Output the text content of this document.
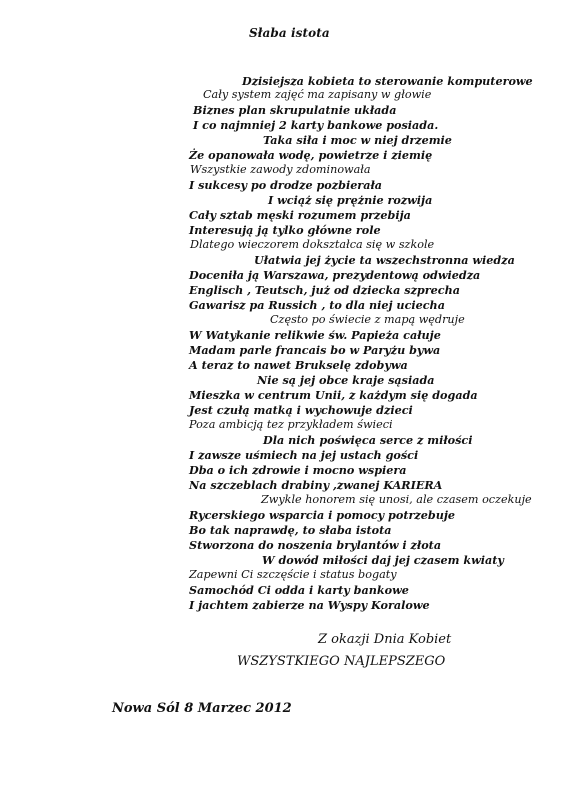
Słaba istota
Dzisiejsza kobieta to sterowanie komputerowe
Cały system zajęć ma zapisany w głowie
Biznes plan skrupulatnie układa
I co najmniej 2 karty bankowe posiada.
Taka siła i moc w niej drzemie
Że opanowała wodę, powietrze i ziemię
Wszystkie zawody zdominowała
I sukcesy po drodze pozbierała
I wciąż się prężnie rozwija
Cały sztab męski rozumem przebija
Interesują ją tylko główne role
Dlatego wieczorem dokształca się w szkole
Ułatwia jej życie ta wszechstronna wiedza
Doceniła ją Warszawa, prezydentową odwiedza
Englisch , Teutsch, już od dziecka szprecha
Gawarisz pa Russich , to dla niej uciecha
Często po świecie z mapą wędruje
W Watykanie relikwie św. Papieża całuje
Madam parle francais bo w Paryżu bywa
A teraz to nawet Brukselę zdobywa
Nie są jej obce kraje sąsiada
Mieszka w centrum Unii, z każdym się dogada
Jest czułą matką i wychowuje dzieci
Poza ambicją tez przykładem świeci
Dla nich poświęca serce z miłości
I zawsze uśmiech na jej ustach gości
Dba o ich zdrowie i mocno wspiera
Na szczeblach drabiny ,zwanej KARIERA
Zwykle honorem się unosi, ale czasem oczekuje
Rycerskiego wsparcia i pomocy potrzebuje
Bo tak naprawdę, to słaba istota
Stworzona do noszenia brylantów i złota
W dowód miłości daj jej czasem kwiaty
Zapewni Ci szczęście i status bogaty
Samochód Ci odda i karty bankowe
I jachtem zabierze na Wyspy Koralowe
Z okazji Dnia Kobiet
WSZYSTKIEGO NAJLEPSZEGO
Nowa Sól 8 Marzec 2012
